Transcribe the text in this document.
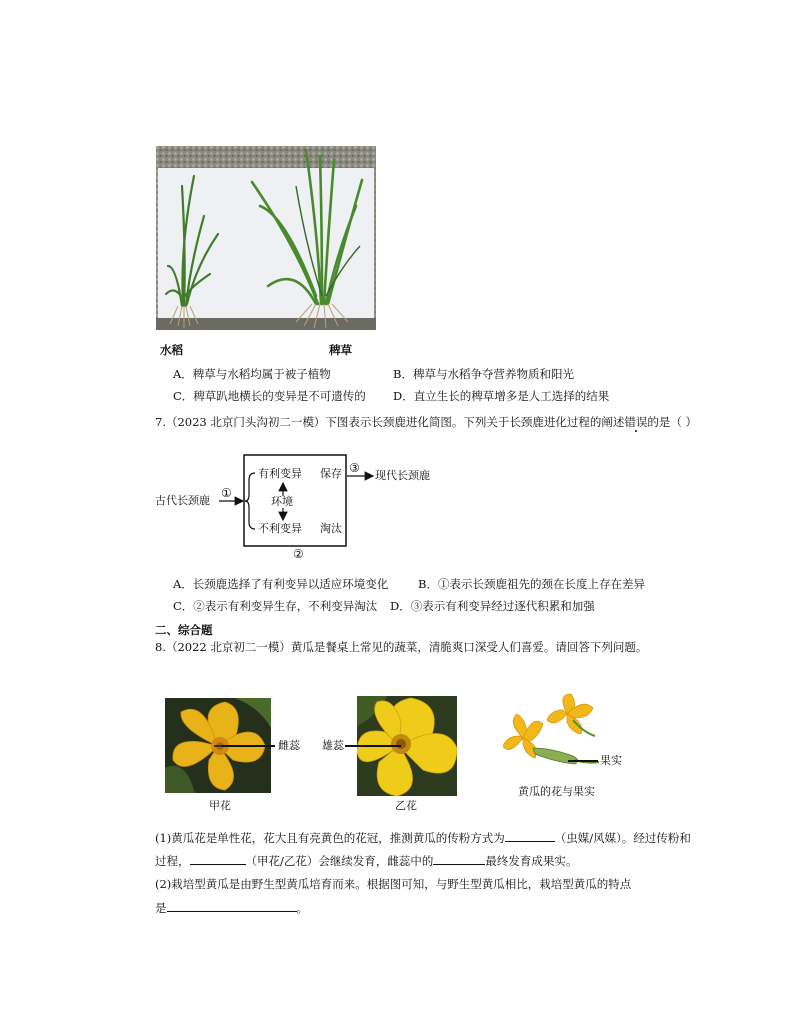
水稻	稗草
A．稗草与水稻均属于被子植物	B．稗草与水稻争夺营养物质和阳光
C．稗草趴地横长的变异是不可遗传的 D．直立生长的稗草增多是人工选择的结果
7.（2023 北京门头沟初二一模）下图表示长颈鹿进化简图。下列关于长颈鹿进化过程的阐述错误的是（ ）
古代长颈鹿
①
有利变异
环境
不利变异
保存
淘汰
②
③
现代长颈鹿
A．长颈鹿选择了有利变异以适应环境变化	B．①表示长颈鹿祖先的颈在长度上存在差异
C．②表示有利变异生存，不利变异淘汰 D．③表示有利变异经过逐代积累和加强
二、综合题
8.（2022 北京初二一模）黄瓜是餐桌上常见的蔬菜，清脆爽口深受人们喜爱。请回答下列问题。
雌蕊
甲花
雄蕊
乙花
果实
黄瓜的花与果实
(1)黄瓜花是单性花，花大且有亮黄色的花冠，推测黄瓜的传粉方式为	（虫媒/风媒）。经过传粉和
过程，	（甲花/乙花）会继续发育，雌蕊中的	最终发育成果实。
(2)栽培型黄瓜是由野生型黄瓜培育而来。根据图可知，与野生型黄瓜相比，栽培型黄瓜的特点
是	。
